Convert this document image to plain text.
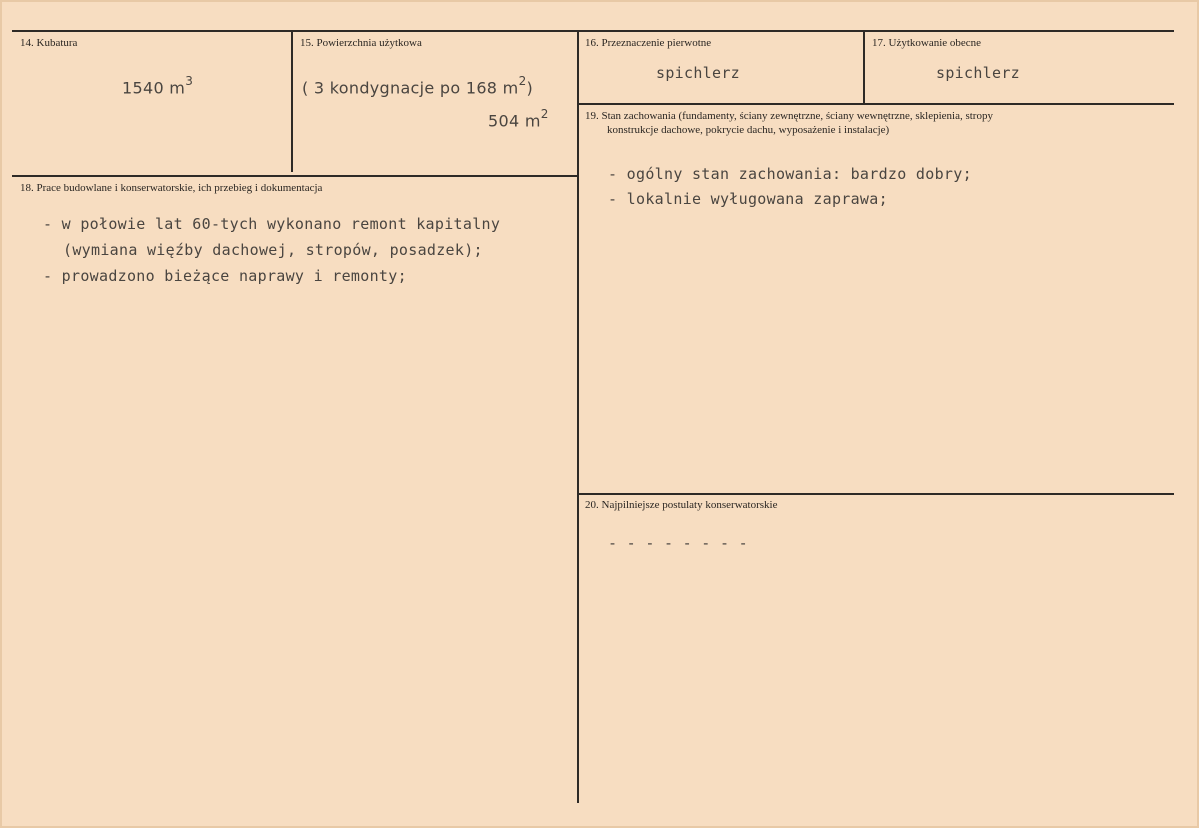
14. Kubatura
1540 $m^3$
15. Powierzchnia użytkowa
( 3 kondygnacje po 168 $m^2$)
504 $m^2$
16. Przeznaczenie pierwotne
spichlerz
17. Użytkowanie obecne
spichlerz
18. Prace budowlane i konserwatorskie, ich przebieg i dokumentacja
- w połowie lat 60-tych wykonano remont kapitalny
(wymiana więźby dachowej, stropów, posadzek);
- prowadzono bieżące naprawy i remonty;
19. Stan zachowania (fundamenty, ściany zewnętrzne, ściany wewnętrzne, sklepienia, stropy
konstrukcje dachowe, pokrycie dachu, wyposażenie i instalacje)
- ogólny stan zachowania: bardzo dobry;
- lokalnie wyługowana zaprawa;
20. Najpilniejsze postulaty konserwatorskie
- - - - - - - -
